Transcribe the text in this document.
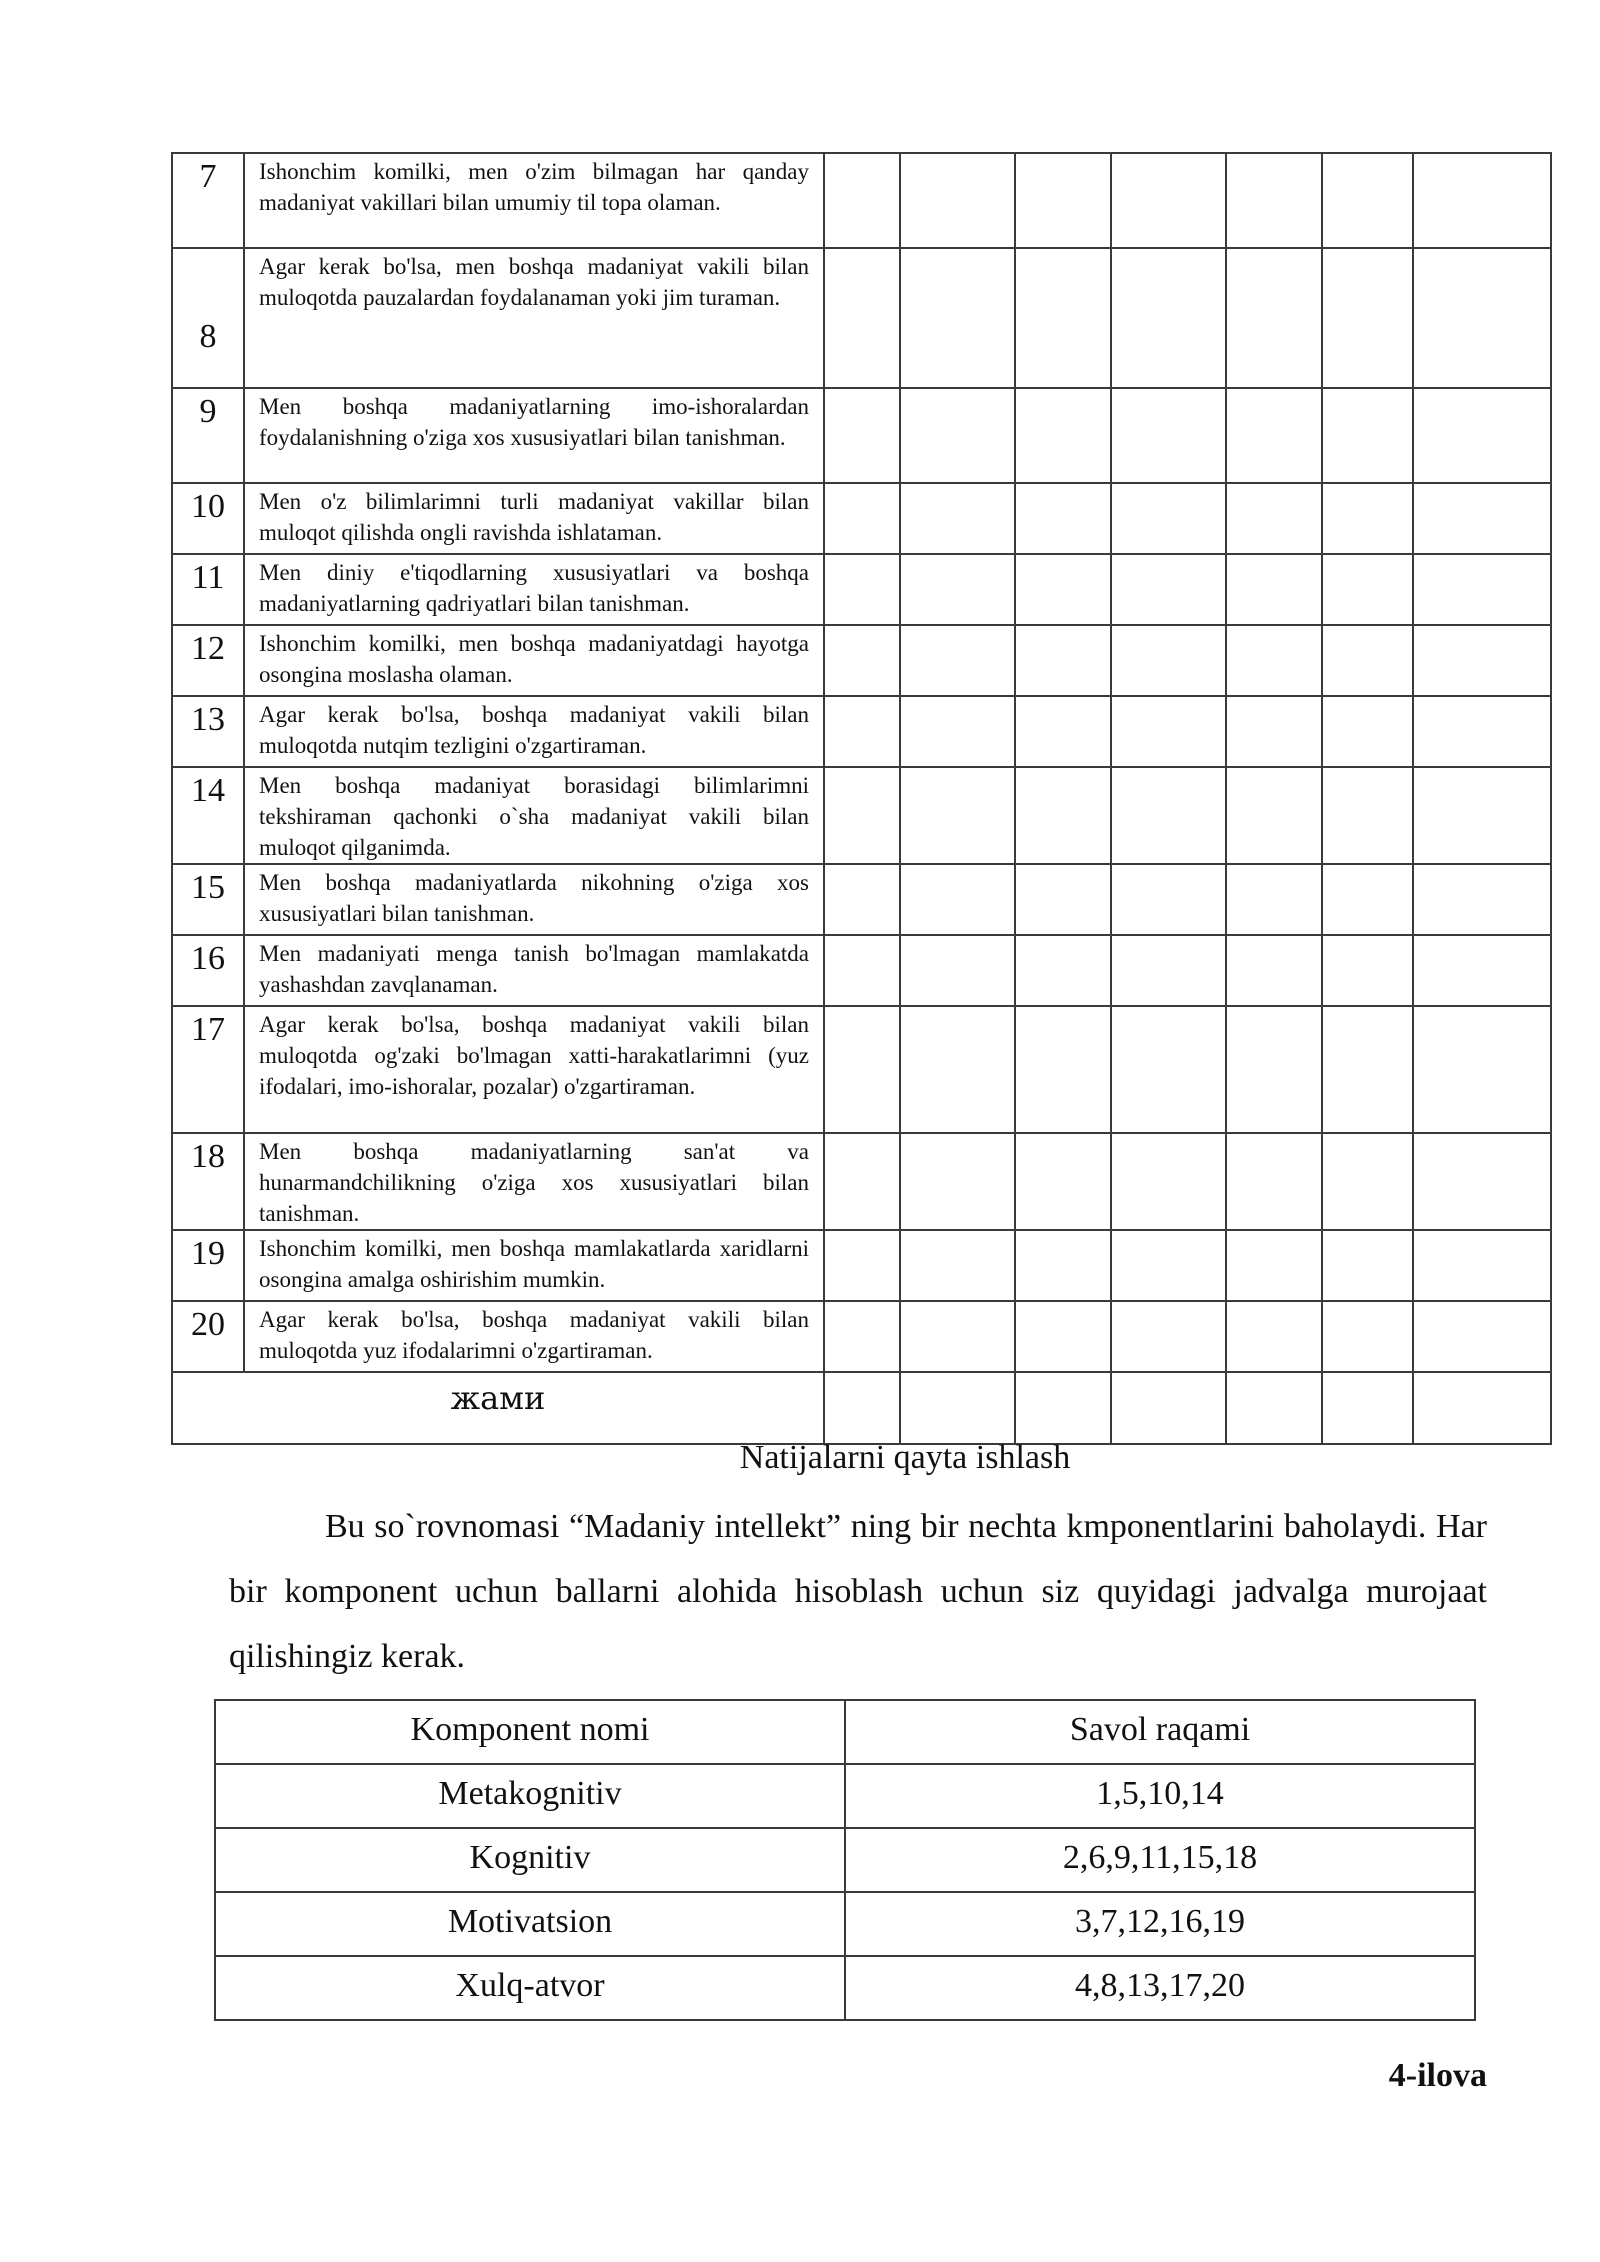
7	Ishonchim komilki, men o'zim bilmagan har qanday madaniyat vakillari bilan umumiy til topa olaman.							
8	Agar kerak bo'lsa, men boshqa madaniyat vakili bilan muloqotda pauzalardan foydalanaman yoki jim turaman.							
9	Men boshqa madaniyatlarning imo-ishoralardan foydalanishning o'ziga xos xususiyatlari bilan tanishman.							
10	Men o'z bilimlarimni turli madaniyat vakillar bilan muloqot qilishda ongli ravishda ishlataman.							
11	Men diniy e'tiqodlarning xususiyatlari va boshqa madaniyatlarning qadriyatlari bilan tanishman.							
12	Ishonchim komilki, men boshqa madaniyatdagi hayotga osongina moslasha olaman.							
13	Agar kerak bo'lsa, boshqa madaniyat vakili bilan muloqotda nutqim tezligini o'zgartiraman.							
14	Men boshqa madaniyat borasidagi bilimlarimni tekshiraman qachonki o`sha madaniyat vakili bilan muloqot qilganimda.							
15	Men boshqa madaniyatlarda nikohning o'ziga xos xususiyatlari bilan tanishman.							
16	Men madaniyati menga tanish bo'lmagan mamlakatda yashashdan zavqlanaman.							
17	Agar kerak bo'lsa, boshqa madaniyat vakili bilan muloqotda og'zaki bo'lmagan xatti-harakatlarimni (yuz ifodalari, imo-ishoralar, pozalar) o'zgartiraman.							
18	Men boshqa madaniyatlarning san'at va hunarmandchilikning o'ziga xos xususiyatlari bilan tanishman.							
19	Ishonchim komilki, men boshqa mamlakatlarda xaridlarni osongina amalga oshirishim mumkin.							
20	Agar kerak bo'lsa, boshqa madaniyat vakili bilan muloqotda yuz ifodalarimni o'zgartiraman.							
жами								
Natijalarni qayta ishlash

Bu so`rovnomasi “Madaniy intellekt” ning bir nechta kmponentlarini baholaydi. Har bir komponent uchun ballarni alohida hisoblash uchun siz quyidagi jadvalga murojaat qilishingiz kerak.

Komponent nomi	Savol raqami
Metakognitiv	1,5,10,14
Kognitiv	2,6,9,11,15,18
Motivatsion	3,7,12,16,19
Xulq-atvor	4,8,13,17,20
4-ilova
